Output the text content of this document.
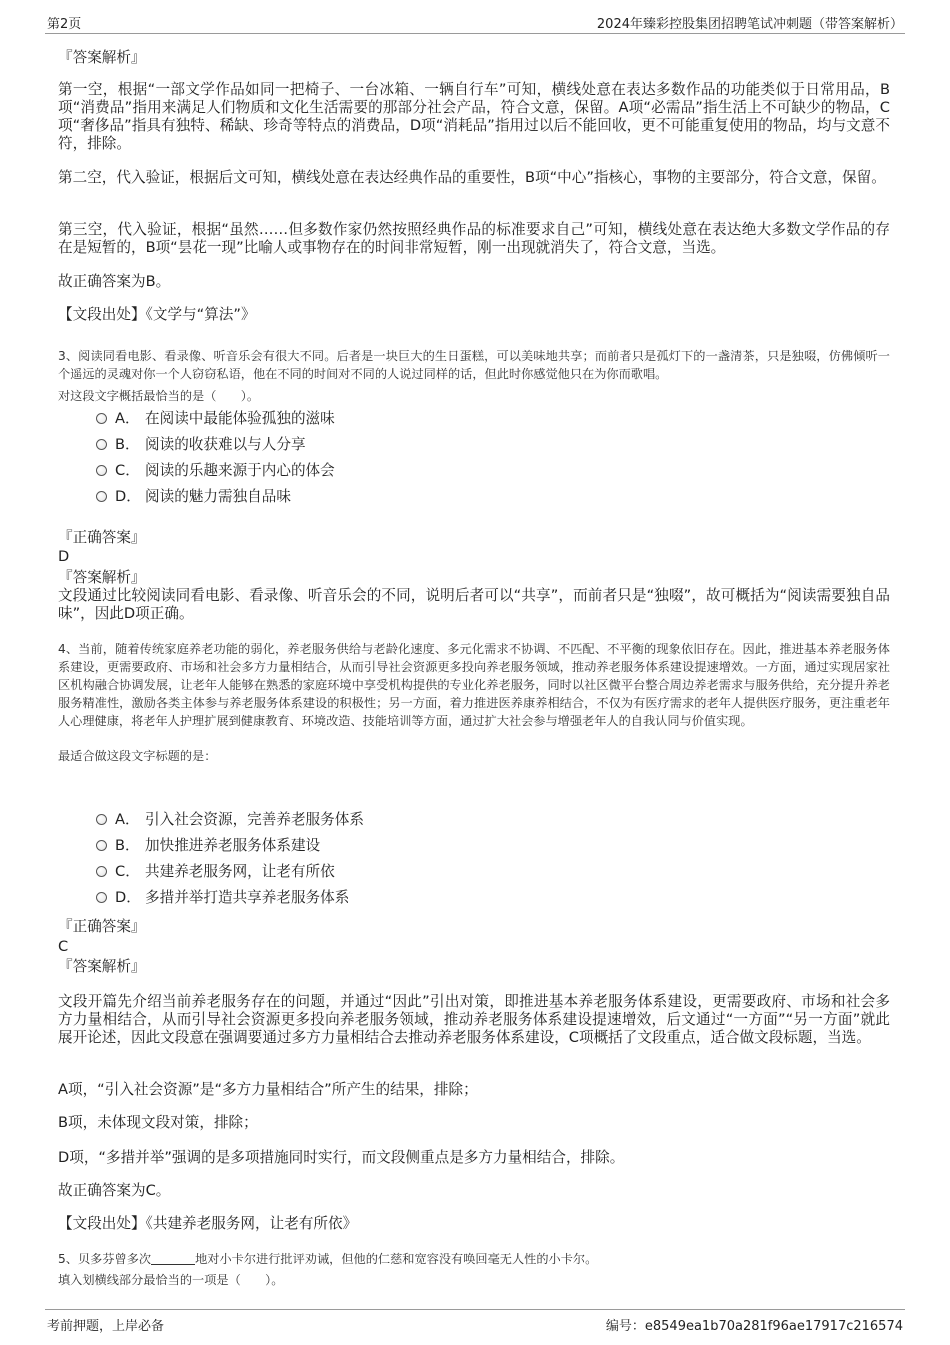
第2页	2024年臻彩控股集团招聘笔试冲刺题（带答案解析）

『答案解析』

第一空，根据“一部文学作品如同一把椅子、一台冰箱、一辆自行车”可知，横线处意在表达多数作品的功能类似于日常用品，B项“消费品”指用来满足人们物质和文化生活需要的那部分社会产品，符合文意，保留。A项“必需品”指生活上不可缺少的物品，C项“奢侈品”指具有独特、稀缺、珍奇等特点的消费品，D项“消耗品”指用过以后不能回收，更不可能重复使用的物品，均与文意不符，排除。

第二空，代入验证，根据后文可知，横线处意在表达经典作品的重要性，B项“中心”指核心，事物的主要部分，符合文意，保留。

第三空，代入验证，根据“虽然……但多数作家仍然按照经典作品的标准要求自己”可知，横线处意在表达绝大多数文学作品的存在是短暂的，B项“昙花一现”比喻人或事物存在的时间非常短暂，刚一出现就消失了，符合文意，当选。

故正确答案为B。

【文段出处】《文学与“算法”》

3、阅读同看电影、看录像、听音乐会有很大不同。后者是一块巨大的生日蛋糕，可以美味地共享；而前者只是孤灯下的一盏清茶，只是独啜，仿佛倾听一个遥远的灵魂对你一个人窃窃私语，他在不同的时间对不同的人说过同样的话，但此时你感觉他只在为你而歌唱。

对这段文字概括最恰当的是（　　）。

A． 在阅读中最能体验孤独的滋味
B． 阅读的收获难以与人分享
C． 阅读的乐趣来源于内心的体会
D． 阅读的魅力需独自品味

『正确答案』

D

『答案解析』

文段通过比较阅读同看电影、看录像、听音乐会的不同，说明后者可以“共享”，而前者只是“独啜”，故可概括为“阅读需要独自品味”，因此D项正确。

4、当前，随着传统家庭养老功能的弱化，养老服务供给与老龄化速度、多元化需求不协调、不匹配、不平衡的现象依旧存在。因此，推进基本养老服务体系建设，更需要政府、市场和社会多方力量相结合，从而引导社会资源更多投向养老服务领域，推动养老服务体系建设提速增效。一方面，通过实现居家社区机构融合协调发展，让老年人能够在熟悉的家庭环境中享受机构提供的专业化养老服务，同时以社区微平台整合周边养老需求与服务供给，充分提升养老服务精准性，激励各类主体参与养老服务体系建设的积极性；另一方面，着力推进医养康养相结合，不仅为有医疗需求的老年人提供医疗服务，更注重老年人心理健康，将老年人护理扩展到健康教育、环境改造、技能培训等方面，通过扩大社会参与增强老年人的自我认同与价值实现。

最适合做这段文字标题的是：

A． 引入社会资源，完善养老服务体系
B． 加快推进养老服务体系建设
C． 共建养老服务网，让老有所依
D． 多措并举打造共享养老服务体系

『正确答案』

C

『答案解析』

文段开篇先介绍当前养老服务存在的问题，并通过“因此”引出对策，即推进基本养老服务体系建设，更需要政府、市场和社会多方力量相结合，从而引导社会资源更多投向养老服务领域，推动养老服务体系建设提速增效，后文通过“一方面”“另一方面”就此展开论述，因此文段意在强调要通过多方力量相结合去推动养老服务体系建设，C项概括了文段重点，适合做文段标题，当选。

A项，“引入社会资源”是“多方力量相结合”所产生的结果，排除；

B项，未体现文段对策，排除；

D项，“多措并举”强调的是多项措施同时实行，而文段侧重点是多方力量相结合，排除。

故正确答案为C。

【文段出处】《共建养老服务网，让老有所依》

5、贝多芬曾多次	地对小卡尔进行批评劝诫，但他的仁慈和宽容没有唤回毫无人性的小卡尔。

填入划横线部分最恰当的一项是（　　）。

考前押题，上岸必备	编号：e8549ea1b70a281f96ae17917c216574
